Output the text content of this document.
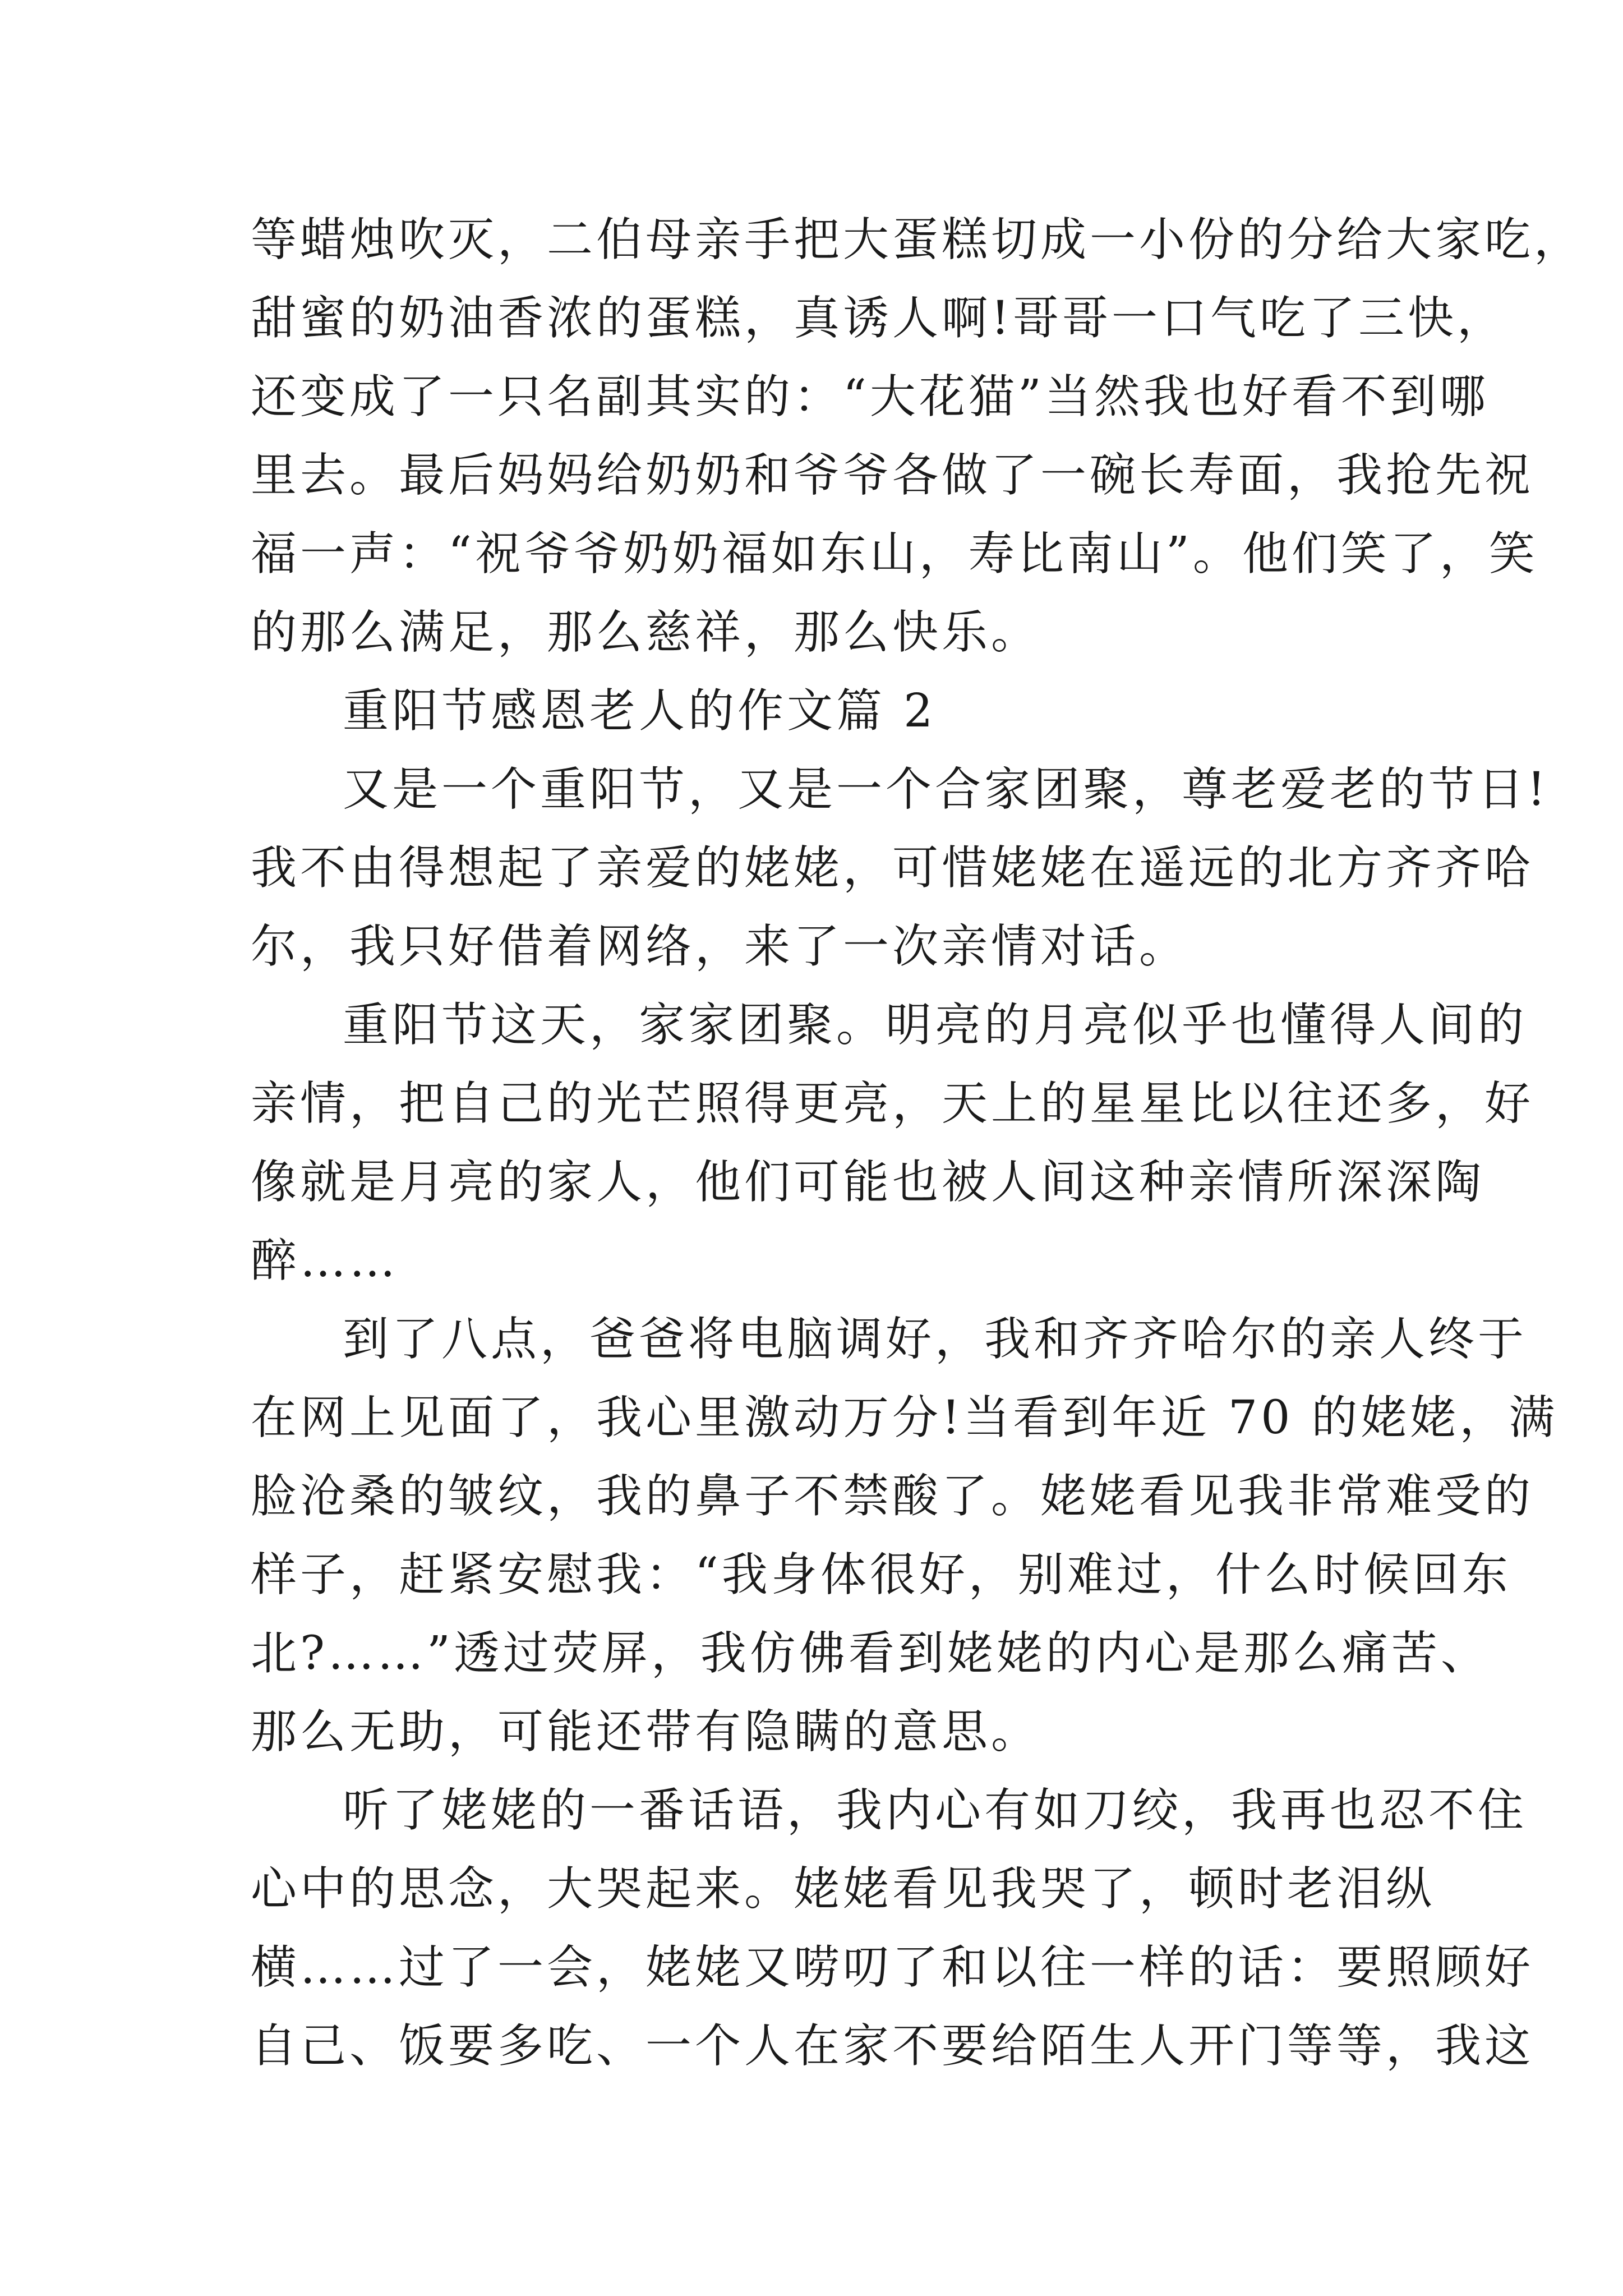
等蜡烛吹灭，二伯母亲手把大蛋糕切成一小份的分给大家吃，
甜蜜的奶油香浓的蛋糕，真诱人啊!哥哥一口气吃了三快，
还变成了一只名副其实的：“大花猫”当然我也好看不到哪
里去。最后妈妈给奶奶和爷爷各做了一碗长寿面，我抢先祝
福一声：“祝爷爷奶奶福如东山，寿比南山”。他们笑了，笑
的那么满足，那么慈祥，那么快乐。
重阳节感恩老人的作文篇 2
又是一个重阳节，又是一个合家团聚，尊老爱老的节日!
我不由得想起了亲爱的姥姥，可惜姥姥在遥远的北方齐齐哈
尔，我只好借着网络，来了一次亲情对话。
重阳节这天，家家团聚。明亮的月亮似乎也懂得人间的
亲情，把自己的光芒照得更亮，天上的星星比以往还多，好
像就是月亮的家人，他们可能也被人间这种亲情所深深陶
醉……
到了八点，爸爸将电脑调好，我和齐齐哈尔的亲人终于
在网上见面了，我心里激动万分!当看到年近 70 的姥姥，满
脸沧桑的皱纹，我的鼻子不禁酸了。姥姥看见我非常难受的
样子，赶紧安慰我：“我身体很好，别难过，什么时候回东
北?……”透过荧屏，我仿佛看到姥姥的内心是那么痛苦、
那么无助，可能还带有隐瞒的意思。
听了姥姥的一番话语，我内心有如刀绞，我再也忍不住
心中的思念，大哭起来。姥姥看见我哭了，顿时老泪纵
横……过了一会，姥姥又唠叨了和以往一样的话：要照顾好
自己、饭要多吃、一个人在家不要给陌生人开门等等，我这
